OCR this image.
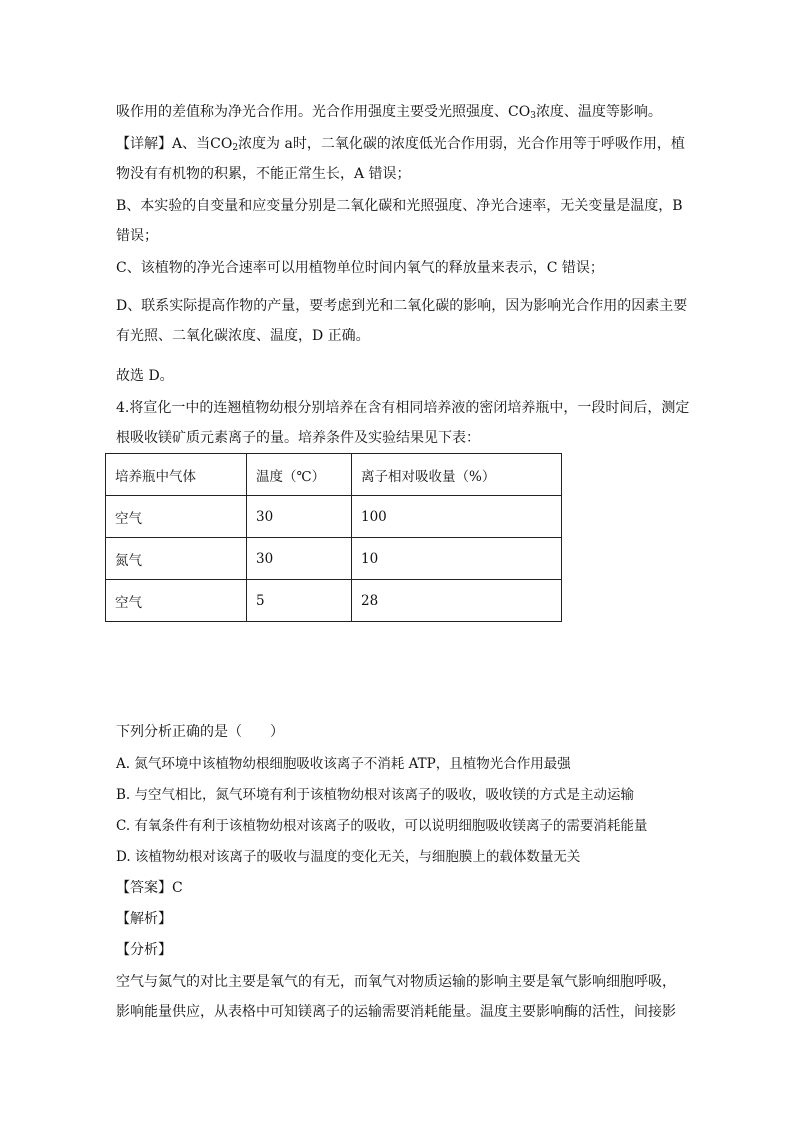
吸作用的差值称为净光合作用。光合作用强度主要受光照强度、$CO_3$浓度、温度等影响。
【详解】A、当$CO_2$浓度为 a时，二氧化碳的浓度低光合作用弱，光合作用等于呼吸作用，植
物没有有机物的积累，不能正常生长，A 错误；
B、本实验的自变量和应变量分别是二氧化碳和光照强度、净光合速率，无关变量是温度，B
错误；
C、该植物的净光合速率可以用植物单位时间内氧气的释放量来表示，C 错误；
D、联系实际提高作物的产量，要考虑到光和二氧化碳的影响，因为影响光合作用的因素主要
有光照、二氧化碳浓度、温度，D 正确。
故选 D。
4.将宣化一中的连翘植物幼根分别培养在含有相同培养液的密闭培养瓶中，一段时间后，测定
根吸收镁矿质元素离子的量。培养条件及实验结果见下表：
培养瓶中气体	温度（℃）	离子相对吸收量（%）
空气	30	100
氮气	30	10
空气	5	28
下列分析正确的是（　　）
A. 氮气环境中该植物幼根细胞吸收该离子不消耗 ATP，且植物光合作用最强
B. 与空气相比，氮气环境有利于该植物幼根对该离子的吸收，吸收镁的方式是主动运输
C. 有氧条件有利于该植物幼根对该离子的吸收，可以说明细胞吸收镁离子的需要消耗能量
D. 该植物幼根对该离子的吸收与温度的变化无关，与细胞膜上的载体数量无关
【答案】C
【解析】
【分析】
空气与氮气的对比主要是氧气的有无，而氧气对物质运输的影响主要是氧气影响细胞呼吸，
影响能量供应，从表格中可知镁离子的运输需要消耗能量。温度主要影响酶的活性，间接影
